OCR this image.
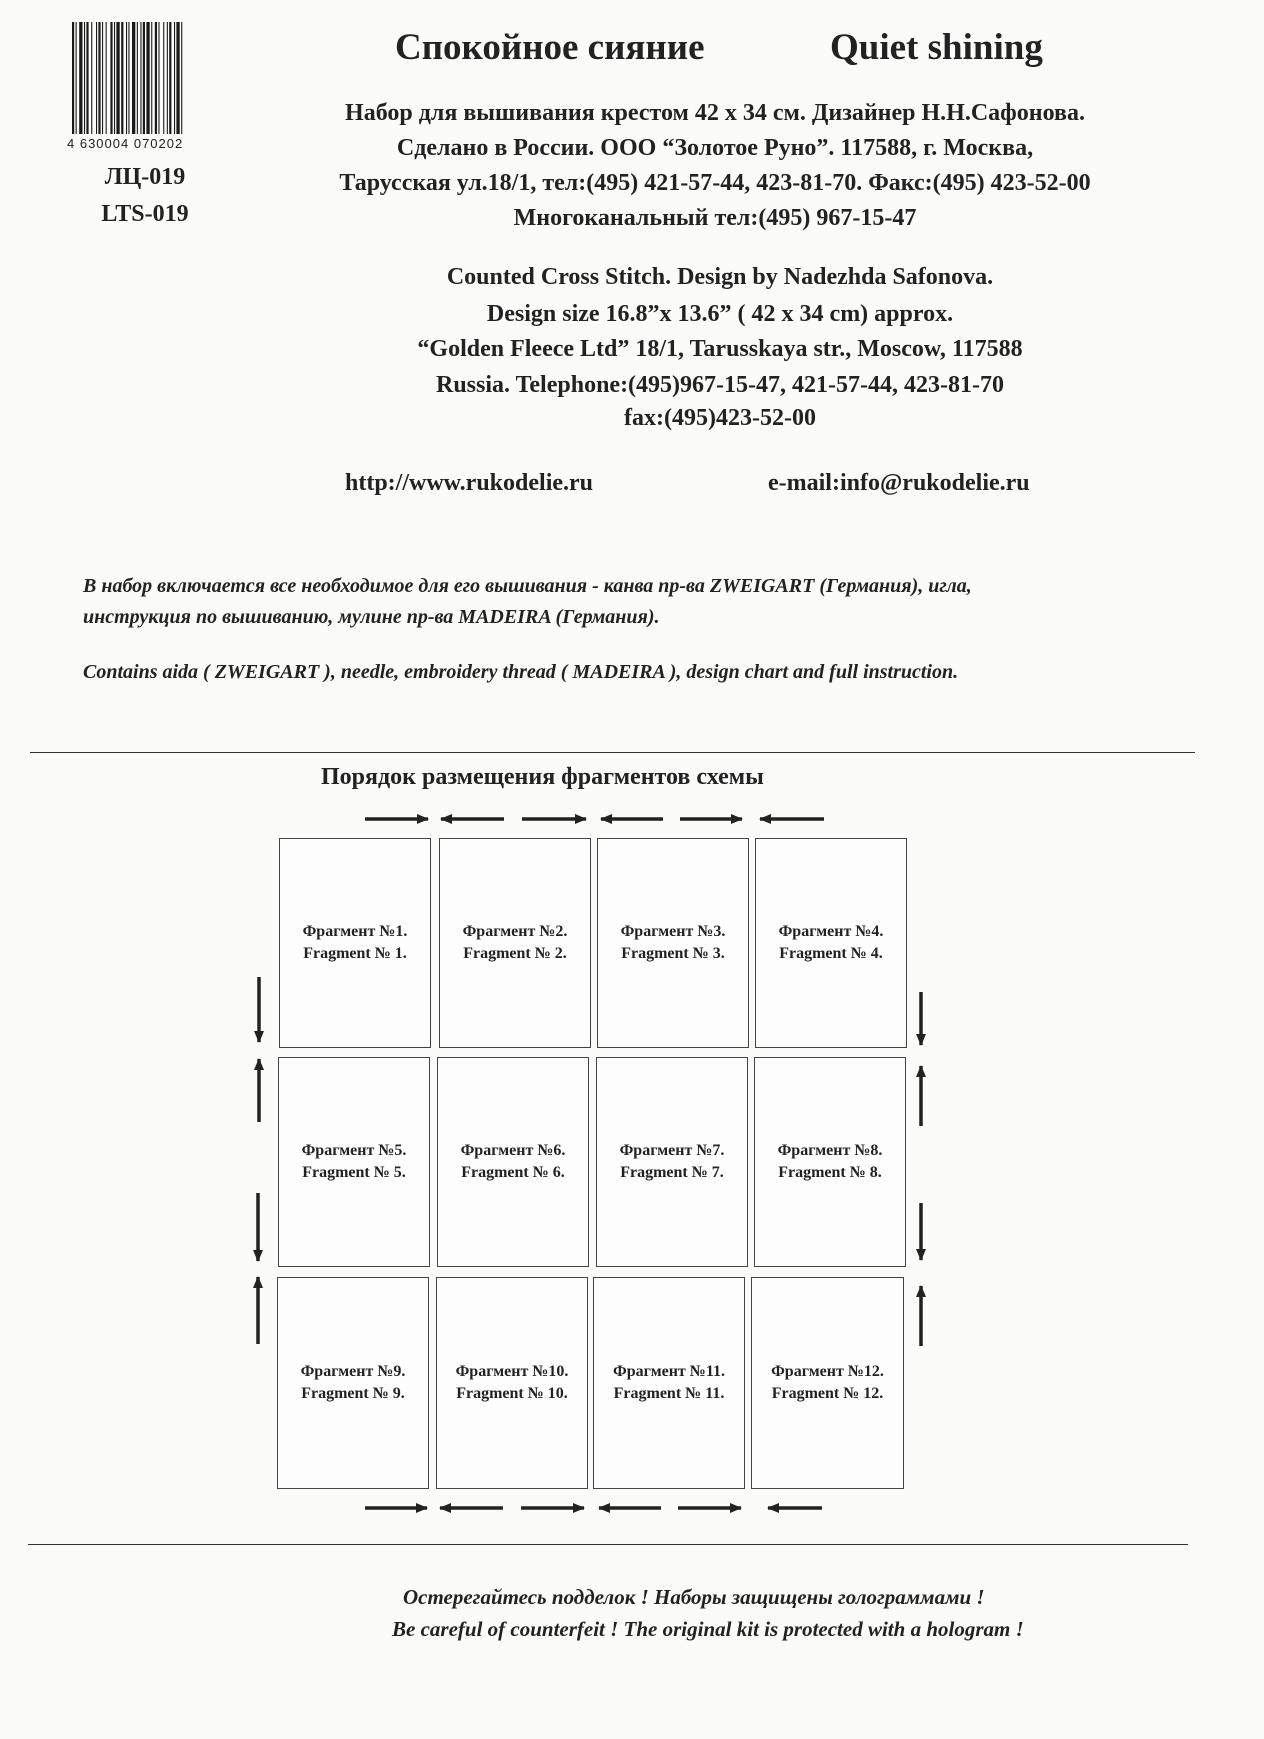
4 630004 070202
ЛЦ-019
LTS-019
Спокойное сияние	Quiet shining
Набор для вышивания крестом 42 х 34 см. Дизайнер Н.Н.Сафонова.
Сделано в России. ООО “Золотое Руно”. 117588, г. Москва,
Тарусская ул.18/1, тел:(495) 421-57-44, 423-81-70. Факс:(495) 423-52-00
Многоканальный тел:(495) 967-15-47
Counted Cross Stitch. Design by Nadezhda Safonova.
Design size 16.8”x 13.6” ( 42 x 34 cm) approx.
“Golden Fleece Ltd” 18/1, Tarusskaya str., Moscow, 117588
Russia. Telephone:(495)967-15-47, 421-57-44, 423-81-70
fax:(495)423-52-00
http://www.rukodelie.ru	e-mail:info@rukodelie.ru
В набор включается все необходимое для его вышивания - канва пр-ва ZWEIGART (Германия), игла,
инструкция по вышиванию, мулине пр-ва MADEIRA (Германия).
Contains aida ( ZWEIGART ), needle, embroidery thread ( MADEIRA ), design chart and full instruction.
Порядок размещения фрагментов схемы
Фрагмент №1.
Fragment № 1.
Фрагмент №2.
Fragment № 2.
Фрагмент №3.
Fragment № 3.
Фрагмент №4.
Fragment № 4.
Фрагмент №5.
Fragment № 5.
Фрагмент №6.
Fragment № 6.
Фрагмент №7.
Fragment № 7.
Фрагмент №8.
Fragment № 8.
Фрагмент №9.
Fragment № 9.
Фрагмент №10.
Fragment № 10.
Фрагмент №11.
Fragment № 11.
Фрагмент №12.
Fragment № 12.
Остерегайтесь подделок ! Наборы защищены голограммами !
Be careful of counterfeit ! The original kit is protected with a hologram !
